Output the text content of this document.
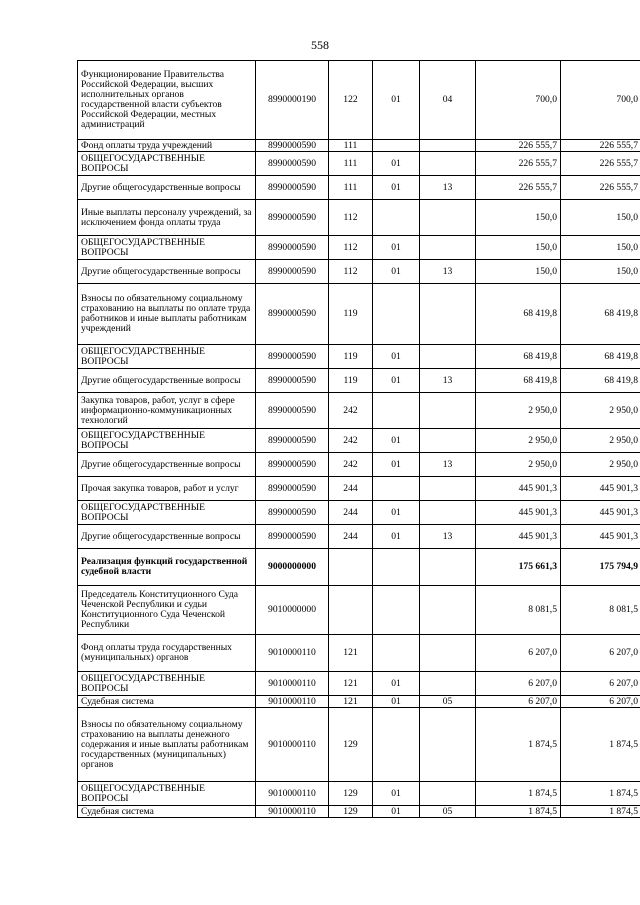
558
Функционирование Правительства Российской Федерации, высших исполнительных органов государственной власти субъектов Российской Федерации, местных администраций	8990000190	122	01	04	700,0	700,0
Фонд оплаты труда учреждений	8990000590	111			226 555,7	226 555,7
ОБЩЕГОСУДАРСТВЕННЫЕ ВОПРОСЫ	8990000590	111	01		226 555,7	226 555,7
Другие общегосударственные вопросы	8990000590	111	01	13	226 555,7	226 555,7
Иные выплаты персоналу учреждений, за исключением фонда оплаты труда	8990000590	112			150,0	150,0
ОБЩЕГОСУДАРСТВЕННЫЕ ВОПРОСЫ	8990000590	112	01		150,0	150,0
Другие общегосударственные вопросы	8990000590	112	01	13	150,0	150,0
Взносы по обязательному социальному страхованию на выплаты по оплате труда работников и иные выплаты работникам учреждений	8990000590	119			68 419,8	68 419,8
ОБЩЕГОСУДАРСТВЕННЫЕ ВОПРОСЫ	8990000590	119	01		68 419,8	68 419,8
Другие общегосударственные вопросы	8990000590	119	01	13	68 419,8	68 419,8
Закупка товаров, работ, услуг в сфере информационно-коммуникационных технологий	8990000590	242			2 950,0	2 950,0
ОБЩЕГОСУДАРСТВЕННЫЕ ВОПРОСЫ	8990000590	242	01		2 950,0	2 950,0
Другие общегосударственные вопросы	8990000590	242	01	13	2 950,0	2 950,0
Прочая закупка товаров, работ и услуг	8990000590	244			445 901,3	445 901,3
ОБЩЕГОСУДАРСТВЕННЫЕ ВОПРОСЫ	8990000590	244	01		445 901,3	445 901,3
Другие общегосударственные вопросы	8990000590	244	01	13	445 901,3	445 901,3
Реализация функций государственной судебной власти	9000000000				175 661,3	175 794,9
Председатель Конституционного Суда Чеченской Республики и судьи Конституционного Суда Чеченской Республики	9010000000				8 081,5	8 081,5
Фонд оплаты труда государственных (муниципальных) органов	9010000110	121			6 207,0	6 207,0
ОБЩЕГОСУДАРСТВЕННЫЕ ВОПРОСЫ	9010000110	121	01		6 207,0	6 207,0
Судебная система	9010000110	121	01	05	6 207,0	6 207,0
Взносы по обязательному социальному страхованию на выплаты денежного содержания и иные выплаты работникам государственных (муниципальных) органов	9010000110	129			1 874,5	1 874,5
ОБЩЕГОСУДАРСТВЕННЫЕ ВОПРОСЫ	9010000110	129	01		1 874,5	1 874,5
Судебная система	9010000110	129	01	05	1 874,5	1 874,5
